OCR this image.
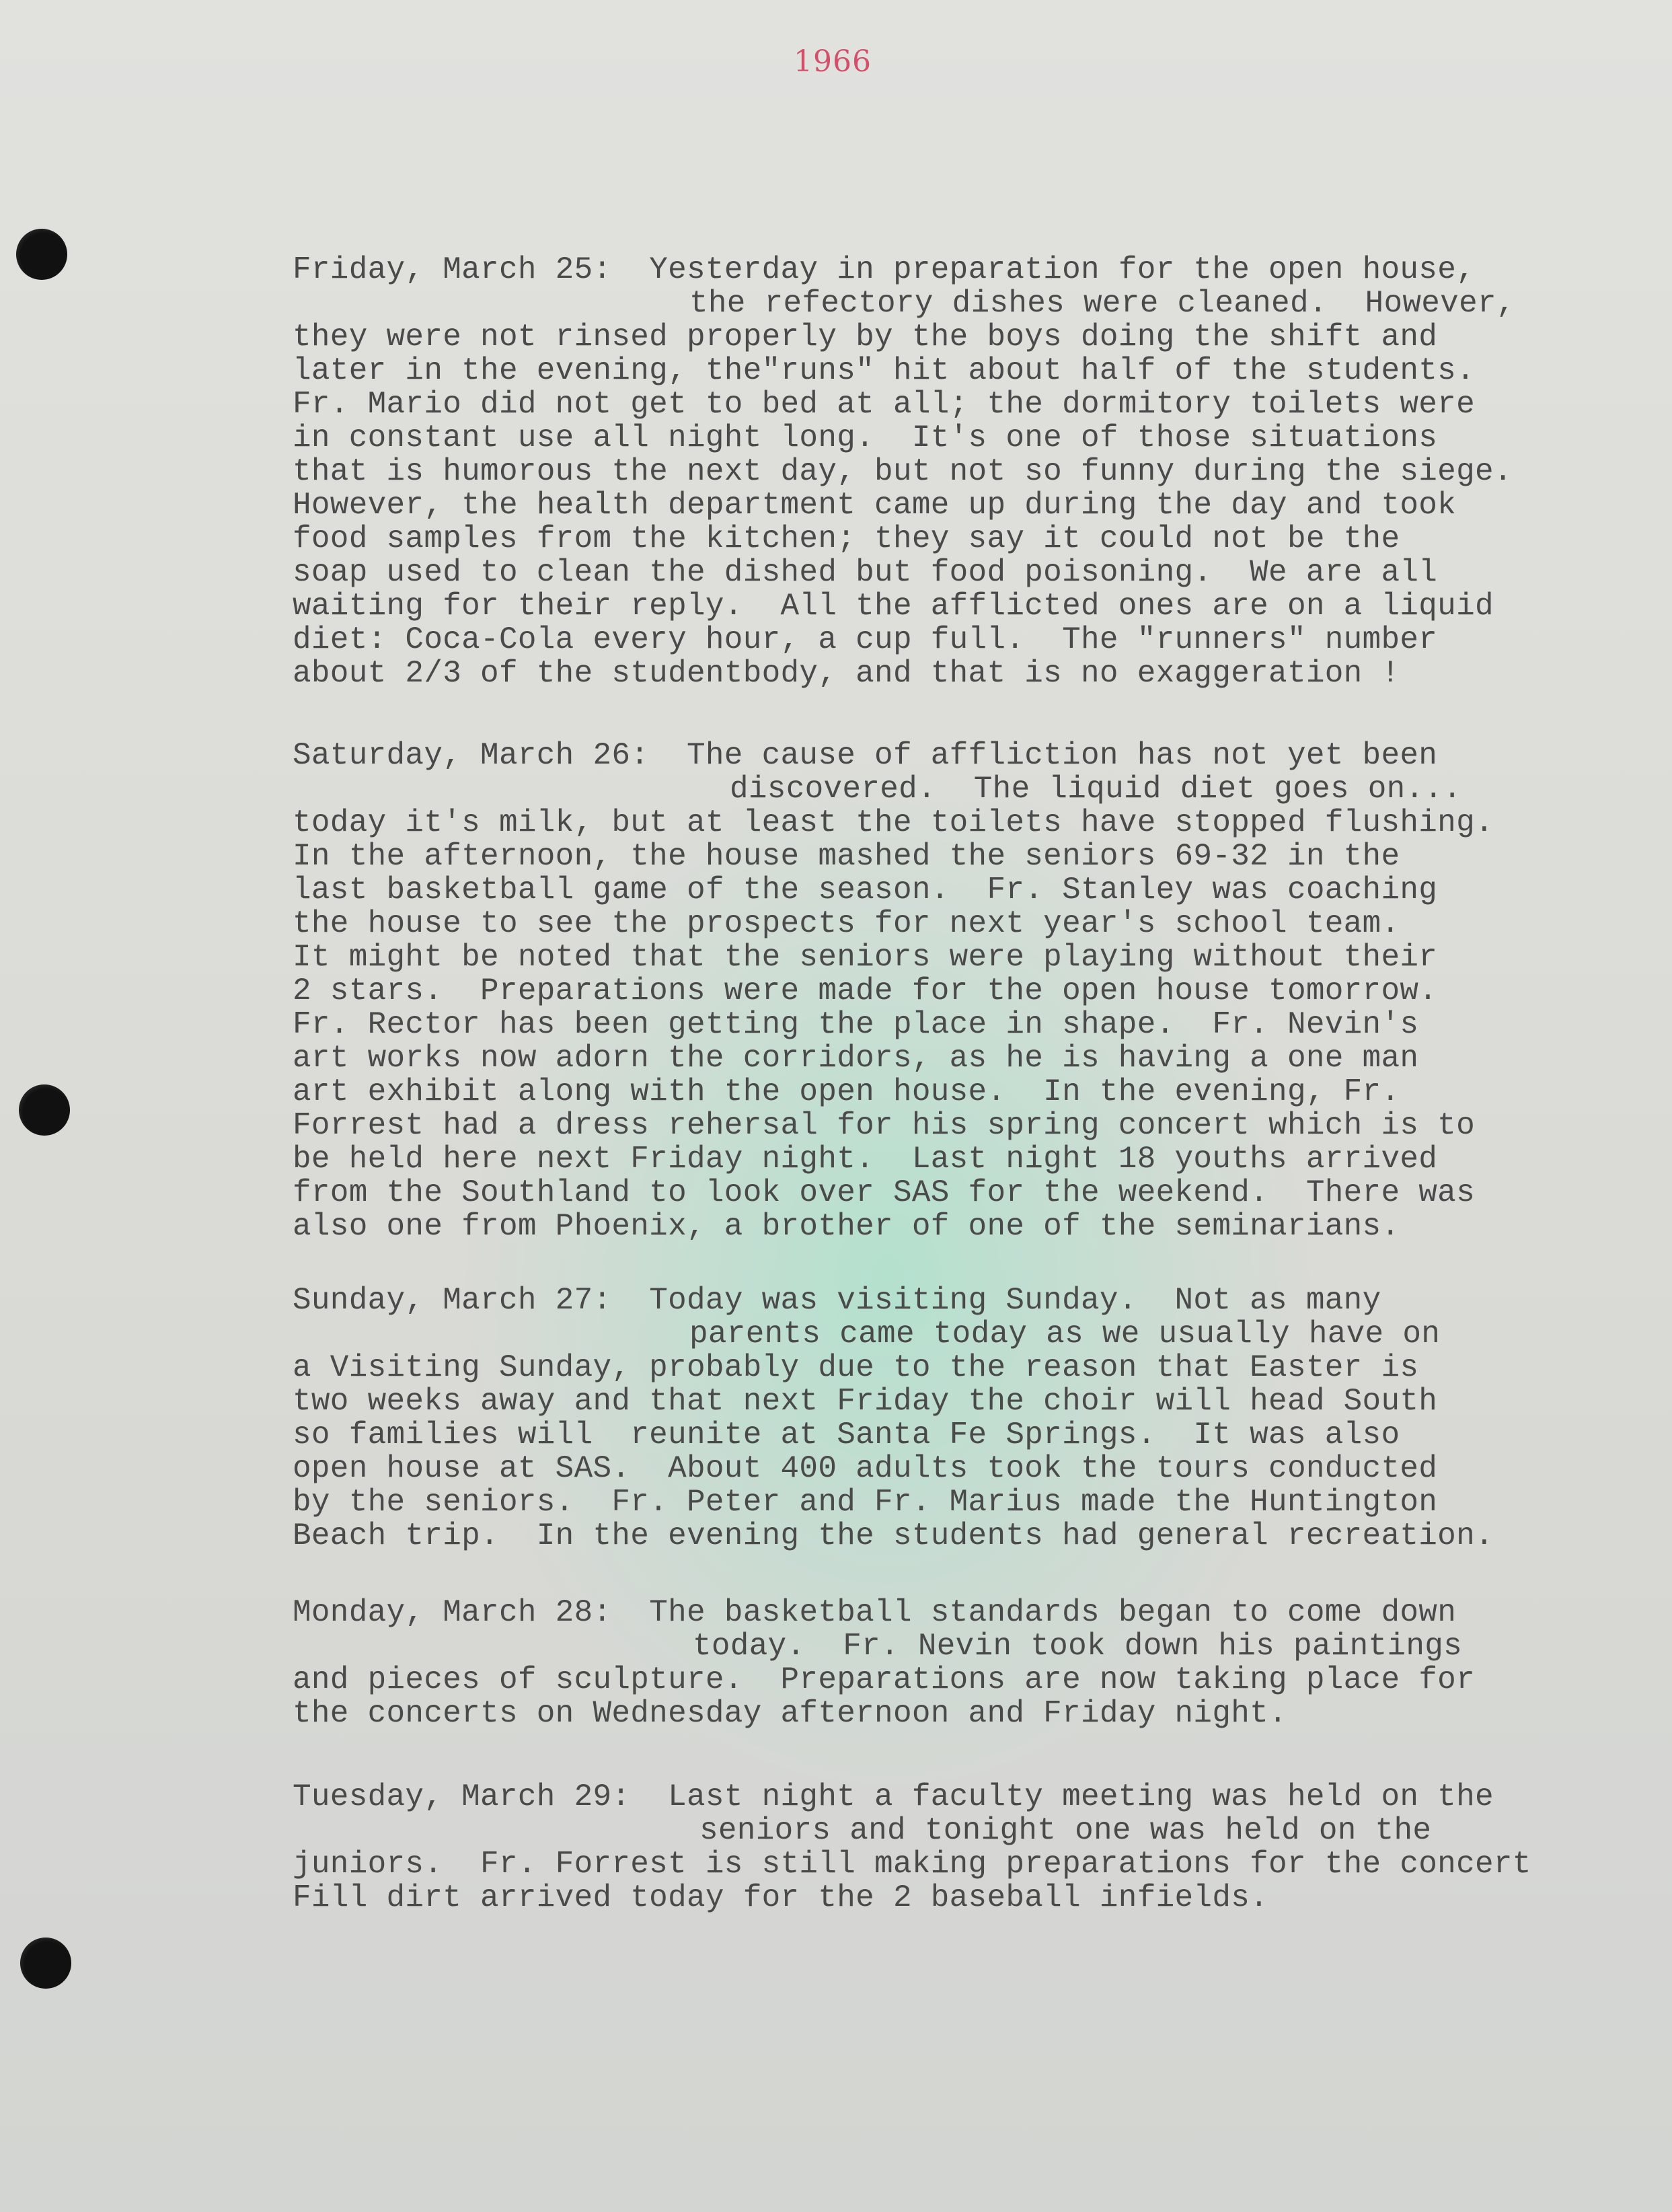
1966
Friday, March 25: Yesterday in preparation for the open house,
the refectory dishes were cleaned.  However,
they were not rinsed properly by the boys doing the shift and
later in the evening, the"runs" hit about half of the students.
Fr. Mario did not get to bed at all; the dormitory toilets were
in constant use all night long.  It's one of those situations
that is humorous the next day, but not so funny during the siege.
However, the health department came up during the day and took
food samples from the kitchen; they say it could not be the
soap used to clean the dished but food poisoning.  We are all
waiting for their reply.  All the afflicted ones are on a liquid
diet: Coca-Cola every hour, a cup full.  The "runners" number
about 2/3 of the studentbody, and that is no exaggeration !
Saturday, March 26: The cause of affliction has not yet been
discovered.  The liquid diet goes on...
today it's milk, but at least the toilets have stopped flushing.
In the afternoon, the house mashed the seniors 69-32 in the
last basketball game of the season.  Fr. Stanley was coaching
the house to see the prospects for next year's school team.
It might be noted that the seniors were playing without their
2 stars.  Preparations were made for the open house tomorrow.
Fr. Rector has been getting the place in shape.  Fr. Nevin's
art works now adorn the corridors, as he is having a one man
art exhibit along with the open house.  In the evening, Fr.
Forrest had a dress rehersal for his spring concert which is to
be held here next Friday night.  Last night 18 youths arrived
from the Southland to look over SAS for the weekend.  There was
also one from Phoenix, a brother of one of the seminarians.
Sunday, March 27: Today was visiting Sunday.  Not as many
parents came today as we usually have on
a Visiting Sunday, probably due to the reason that Easter is
two weeks away and that next Friday the choir will head South
so families will  reunite at Santa Fe Springs.  It was also
open house at SAS.  About 400 adults took the tours conducted
by the seniors.  Fr. Peter and Fr. Marius made the Huntington
Beach trip.  In the evening the students had general recreation.
Monday, March 28: The basketball standards began to come down
today.  Fr. Nevin took down his paintings
and pieces of sculpture.  Preparations are now taking place for
the concerts on Wednesday afternoon and Friday night.
Tuesday, March 29: Last night a faculty meeting was held on the
seniors and tonight one was held on the
juniors.  Fr. Forrest is still making preparations for the concert
Fill dirt arrived today for the 2 baseball infields.
